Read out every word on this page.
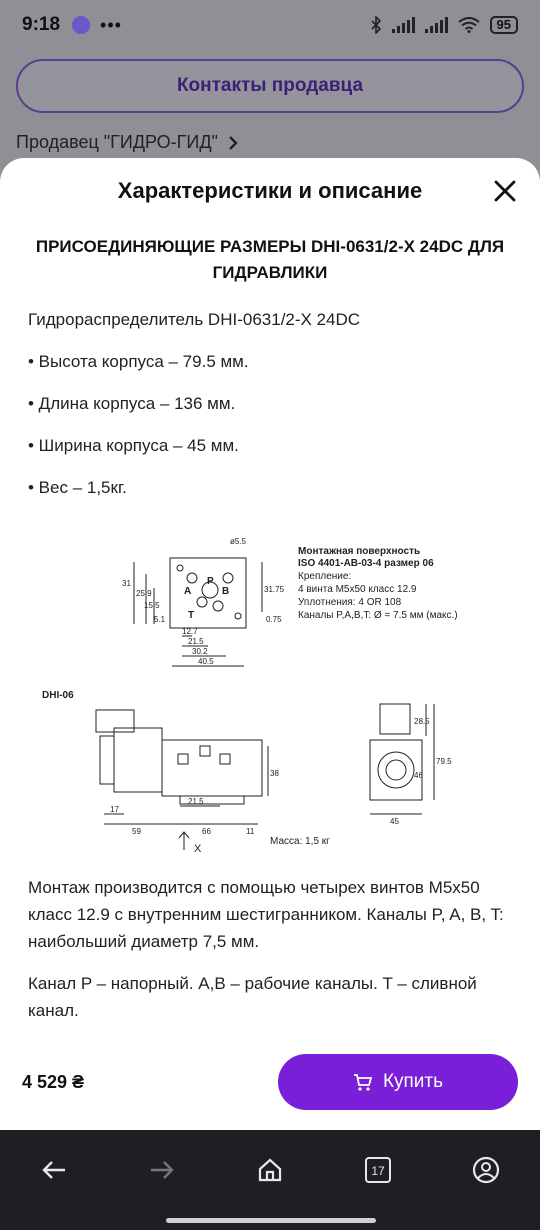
9:18 •••	95
Контакты продавца
Продавец "ГИДРО-ГИД"
Характеристики и описание
ПРИСОЕДИНЯЮЩИЕ РАЗМЕРЫ DHI-0631/2-X 24DC ДЛЯ ГИДРАВЛИКИ
Гидрораспределитель DHI-0631/2-X 24DC
• Высота корпуса – 79.5 мм.
• Длина корпуса – 136 мм.
• Ширина корпуса – 45 мм.
• Вес – 1,5кг.
ø5.5
31
25.9
15.5
5.1
12.7
21.5
30.2
40.5
31.75
0.75
A
P
B
T
Монтажная поверхность
ISO 4401-AB-03-4 размер 06
Крепление:
4 винта M5x50 класс 12.9
Уплотнения: 4 OR 108
Каналы P,A,B,T: Ø = 7.5 мм (макс.)
DHI-06
17
59	66	11
21.5
38
X
Масса: 1,5 кг
28.5
79.5
46
45
Монтаж производится с помощью четырех винтов M5x50 класс 12.9 с внутренним шестигранником. Каналы P, A, B, T: наибольший диаметр 7,5 мм.
Канал P – напорный. A,B – рабочие каналы. T – сливной канал.
4 529 ₴	Купить
17
